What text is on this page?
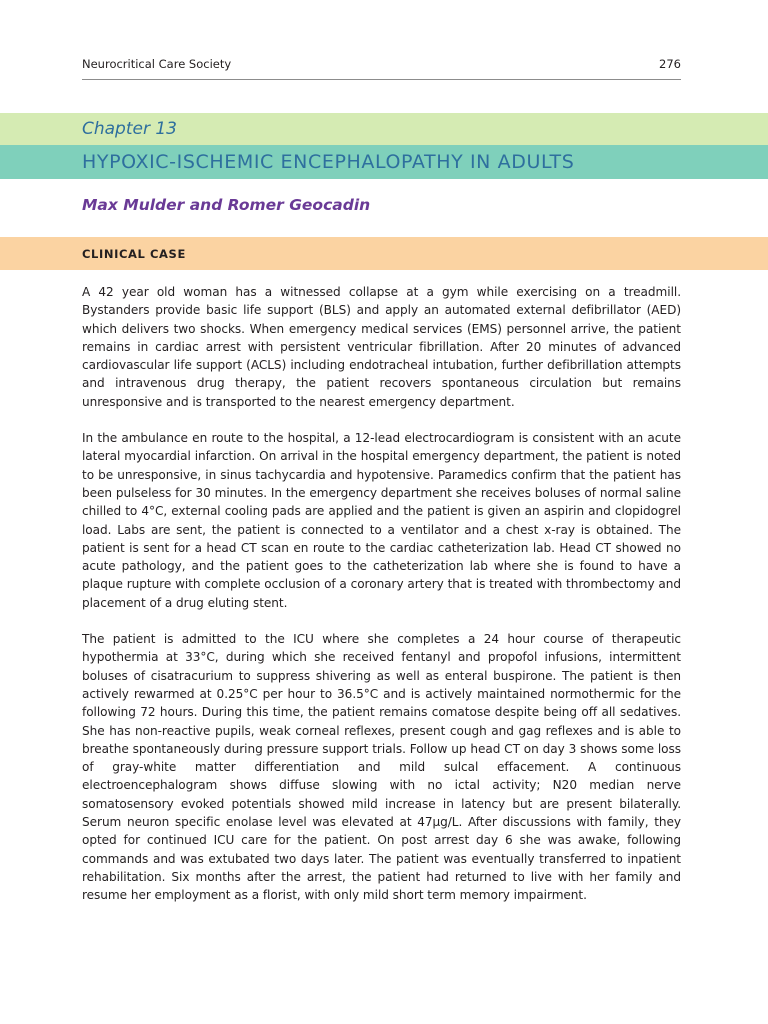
Neurocritical Care Society	276
Chapter 13
HYPOXIC-ISCHEMIC ENCEPHALOPATHY IN ADULTS
Max Mulder and Romer Geocadin
CLINICAL CASE

A 42 year old woman has a witnessed collapse at a gym while exercising on a treadmill. Bystanders provide basic life support (BLS) and apply an automated external defibrillator (AED) which delivers two shocks. When emergency medical services (EMS) personnel arrive, the patient remains in cardiac arrest with persistent ventricular fibrillation. After 20 minutes of advanced cardiovascular life support (ACLS) including endotracheal intubation, further defibrillation attempts and intravenous drug therapy, the patient recovers spontaneous circulation but remains unresponsive and is transported to the nearest emergency department.

In the ambulance en route to the hospital, a 12-lead electrocardiogram is consistent with an acute lateral myocardial infarction. On arrival in the hospital emergency department, the patient is noted to be unresponsive, in sinus tachycardia and hypotensive. Paramedics confirm that the patient has been pulseless for 30 minutes. In the emergency department she receives boluses of normal saline chilled to 4°C, external cooling pads are applied and the patient is given an aspirin and clopidogrel load. Labs are sent, the patient is connected to a ventilator and a chest x-ray is obtained. The patient is sent for a head CT scan en route to the cardiac catheterization lab. Head CT showed no acute pathology, and the patient goes to the catheterization lab where she is found to have a plaque rupture with complete occlusion of a coronary artery that is treated with thrombectomy and placement of a drug eluting stent.

The patient is admitted to the ICU where she completes a 24 hour course of therapeutic hypothermia at 33°C, during which she received fentanyl and propofol infusions, intermittent boluses of cisatracurium to suppress shivering as well as enteral buspirone. The patient is then actively rewarmed at 0.25°C per hour to 36.5°C and is actively maintained normothermic for the following 72 hours. During this time, the patient remains comatose despite being off all sedatives. She has non-reactive pupils, weak corneal reflexes, present cough and gag reflexes and is able to breathe spontaneously during pressure support trials. Follow up head CT on day 3 shows some loss of gray-white matter differentiation and mild sulcal effacement. A continuous electroencephalogram shows diffuse slowing with no ictal activity; N20 median nerve somatosensory evoked potentials showed mild increase in latency but are present bilaterally. Serum neuron specific enolase level was elevated at 47μg/L. After discussions with family, they opted for continued ICU care for the patient. On post arrest day 6 she was awake, following commands and was extubated two days later. The patient was eventually transferred to inpatient rehabilitation. Six months after the arrest, the patient had returned to live with her family and resume her employment as a florist, with only mild short term memory impairment.
